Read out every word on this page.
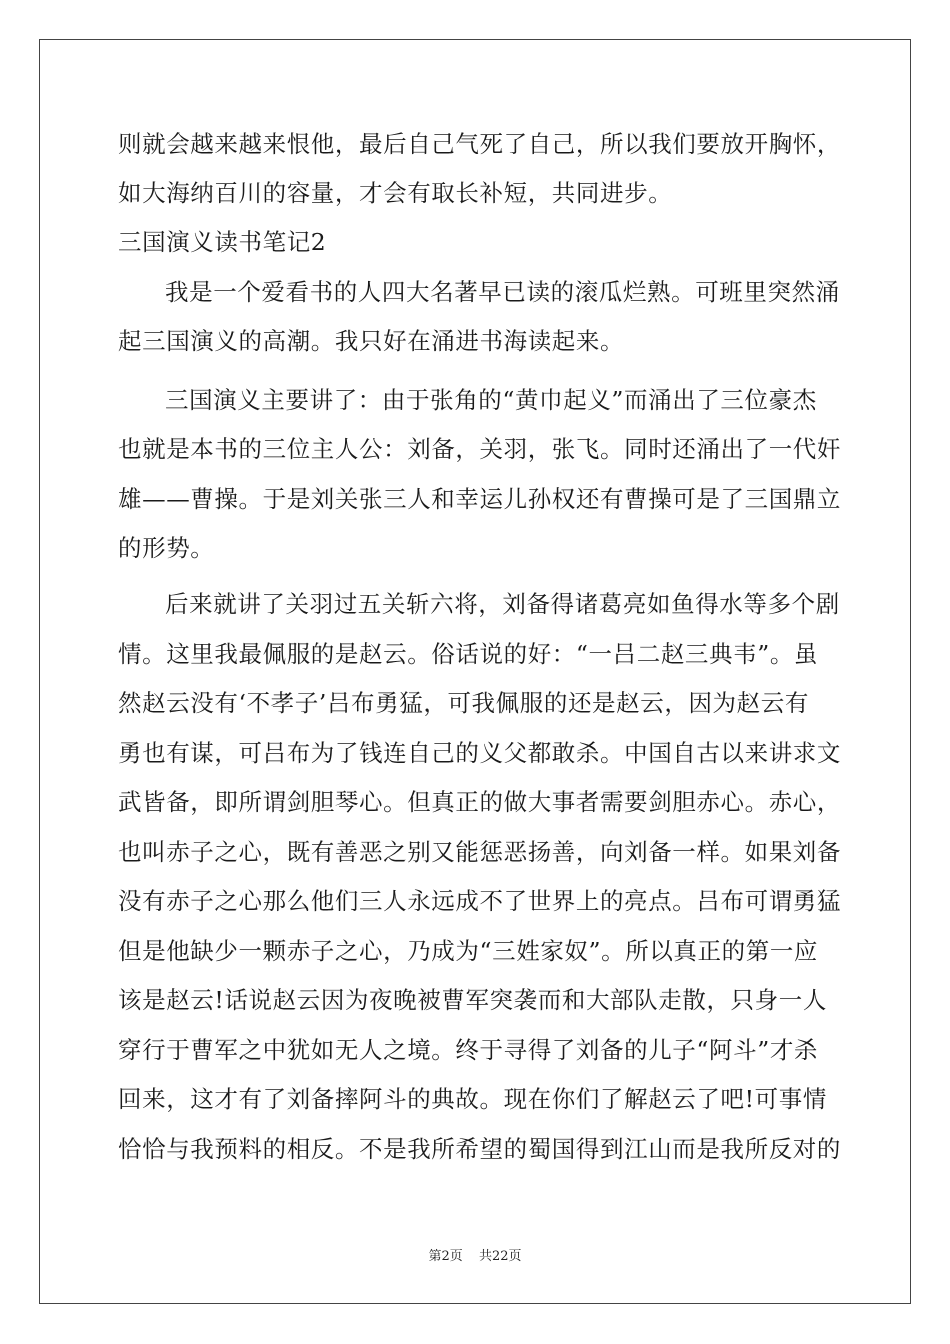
则就会越来越来恨他，最后自己气死了自己，所以我们要放开胸怀，
如大海纳百川的容量，才会有取长补短，共同进步。
三国演义读书笔记2
我是一个爱看书的人四大名著早已读的滚瓜烂熟。可班里突然涌
起三国演义的高潮。我只好在涌进书海读起来。
三国演义主要讲了：由于张角的“黄巾起义”而涌出了三位豪杰
也就是本书的三位主人公：刘备，关羽，张飞。同时还涌出了一代奸
雄——曹操。于是刘关张三人和幸运儿孙权还有曹操可是了三国鼎立
的形势。
后来就讲了关羽过五关斩六将，刘备得诸葛亮如鱼得水等多个剧
情。这里我最佩服的是赵云。俗话说的好：“一吕二赵三典韦”。虽
然赵云没有‘不孝子’吕布勇猛，可我佩服的还是赵云，因为赵云有
勇也有谋，可吕布为了钱连自己的义父都敢杀。中国自古以来讲求文
武皆备，即所谓剑胆琴心。但真正的做大事者需要剑胆赤心。赤心，
也叫赤子之心，既有善恶之别又能惩恶扬善，向刘备一样。如果刘备
没有赤子之心那么他们三人永远成不了世界上的亮点。吕布可谓勇猛
但是他缺少一颗赤子之心，乃成为“三姓家奴”。所以真正的第一应
该是赵云!话说赵云因为夜晚被曹军突袭而和大部队走散，只身一人
穿行于曹军之中犹如无人之境。终于寻得了刘备的儿子“阿斗”才杀
回来，这才有了刘备摔阿斗的典故。现在你们了解赵云了吧!可事情
恰恰与我预料的相反。不是我所希望的蜀国得到江山而是我所反对的
第2页 共22页
